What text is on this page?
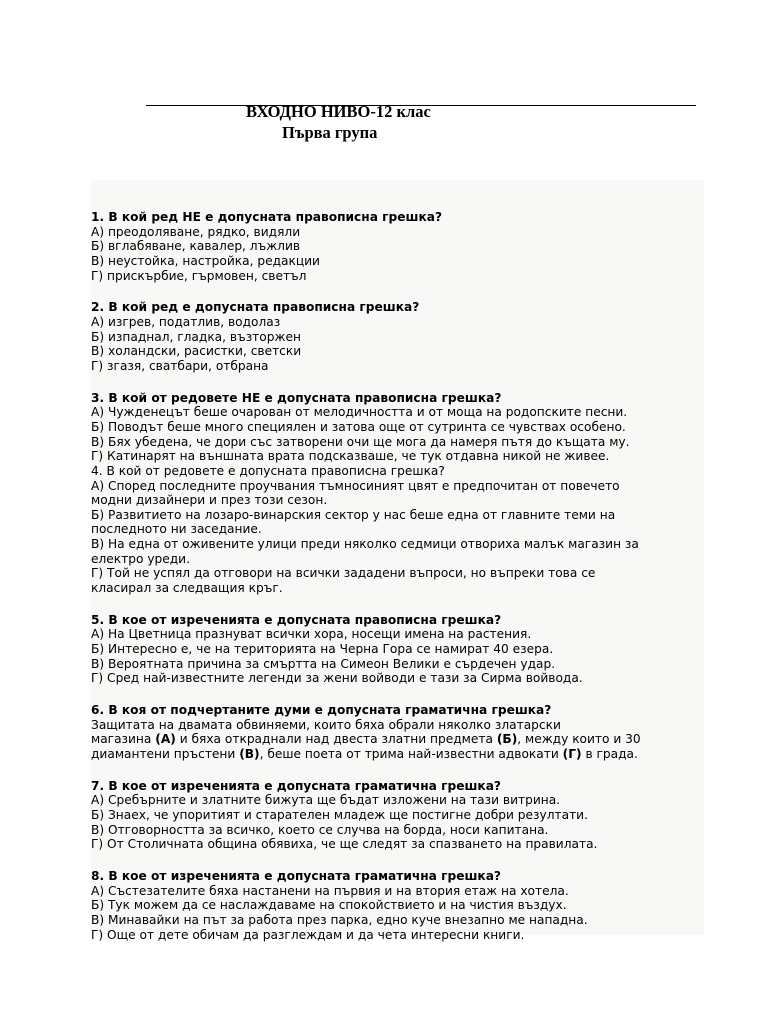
ВХОДНО НИВО-12 клас
Първа група
1. В кой ред НЕ е допусната правописна грешка?
А) преодоляване, рядко, видяли
Б) вглабяване, кавалер, лъжлив
В) неустойка, настройка, редакции
Г) прискърбие, гърмовен, светъл
2. В кой ред е допусната правописна грешка?
А) изгрев, податлив, водолаз
Б) изпаднал, гладка, възторжен
В) холандски, расистки, светски
Г) згазя, сватбари, отбрана
3. В кой от редовете НЕ е допусната правописна грешка?
А) Чужденецът беше очарован от мелодичността и от моща на родопските песни.
Б) Поводът беше много специялен и затова още от сутринта се чувствах особено.
В) Бях убедена, че дори със затворени очи ще мога да намеря пътя до къщата му.
Г) Катинарят на външната врата подсказваше, че тук отдавна никой не живее.
4. В кой от редовете е допусната правописна грешка?
А) Според последните проучвания тъмносиният цвят е предпочитан от повечето
модни дизайнери и през този сезон.
Б) Развитието на лозаро-винарския сектор у нас беше една от главните теми на
последното ни заседание.
В) На една от оживените улици преди няколко седмици отвориха малък магазин за
електро уреди.
Г) Той не успял да отговори на всички зададени въпроси, но въпреки това се
класирал за следващия кръг.
5. В кое от изреченията е допусната правописна грешка?
А) На Цветница празнуват всички хора, носещи имена на растения.
Б) Интересно е, че на територията на Черна Гора се намират 40 езера.
В) Вероятната причина за смъртта на Симеон Велики е сърдечен удар.
Г) Сред най-известните легенди за жени войводи е тази за Сирма войвода.
6. В коя от подчертаните думи е допусната граматична грешка?
Защитата на двамата обвиняеми, които бяха обрали няколко златарски
магазина (А) и бяха откраднали над двеста златни предмета (Б), между които и 30
диамантени пръстени (В), беше поета от трима най-известни адвокати (Г) в града.
7. В кое от изреченията е допусната граматична грешка?
А) Сребърните и златните бижута ще бъдат изложени на тази витрина.
Б) Знаех, че упоритият и старателен младеж ще постигне добри резултати.
В) Отговорността за всичко, което се случва на борда, носи капитана.
Г) От Столичната община обявиха, че ще следят за спазването на правилата.
8. В кое от изреченията е допусната граматична грешка?
А) Състезателите бяха настанени на първия и на втория етаж на хотела.
Б) Тук можем да се наслаждаваме на спокойствието и на чистия въздух.
В) Минавайки на път за работа през парка, едно куче внезапно ме нападна.
Г) Още от дете обичам да разглеждам и да чета интересни книги.
